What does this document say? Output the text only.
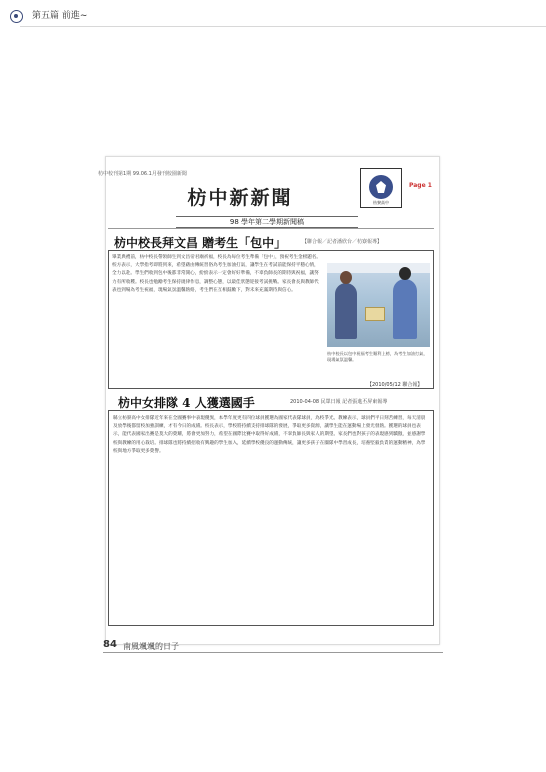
第五篇 前進~
枋中校刊第1期 99.06.1月發刊校園新聞
枋寮高中
Page 1
枋中新新聞
98 學年第二學期新聞稿
枋中校長拜文昌 贈考生「包中」	【聯合報／記者潘欣台／枋寮報導】
畢業典禮前，枋中校長帶領師生到文昌帝君廟祈福，校長為每位考生準備「包中」，預祝考生金榜題名。校方表示，大學指考即將到來，希望藉由傳統習俗為考生加油打氣，讓學生在考試前能保持平穩心情，全力以赴。學生們收到包中後都非常開心，紛紛表示一定會好好準備，不辜負師長的期待與祝福，讓努力有所收穫。校長也勉勵考生保持規律作息，調整心態，以最佳狀態迎接考試挑戰。家長會長與教師代表也到場為考生祝福，現場氣氛溫馨熱絡，考生們在互相鼓勵下，對未來充滿期待與信心。
枋中校長以包中祝福考生順利上榜，為考生加油打氣，現場氣氛溫馨。
【2010/05/12 聯合報】
枋中女排隊 4 人獲選國手	2010-04-08 民眾日報 記者張進丕屏東報導
縣立枋寮高中女排隊近年來在全國賽事中表現優異，本學年度更有四位球員獲選為國家代表隊球員，為校爭光。教練表示，球員們平日刻苦練習，每天清晨及放學後都留校加強訓練，才有今日的成績。校長表示，學校將持續支持排球隊的發展，爭取更多資源，讓學生能在運動場上發光發熱。獲選的球員也表示，能代表國家出賽是莫大的榮耀，將會更加努力，希望在國際比賽中取得好成績，不辜負師長與家人的期望。家長們也對孩子的表現感到驕傲，並感謝學校與教練的用心栽培。排球隊也將持續招收有興趣的學生加入，延續學校優良的運動傳統，讓更多孩子在團隊中學習成長，培養堅毅負責的運動精神，為學校與地方爭取更多榮譽。
84 南風颯颯的日子
